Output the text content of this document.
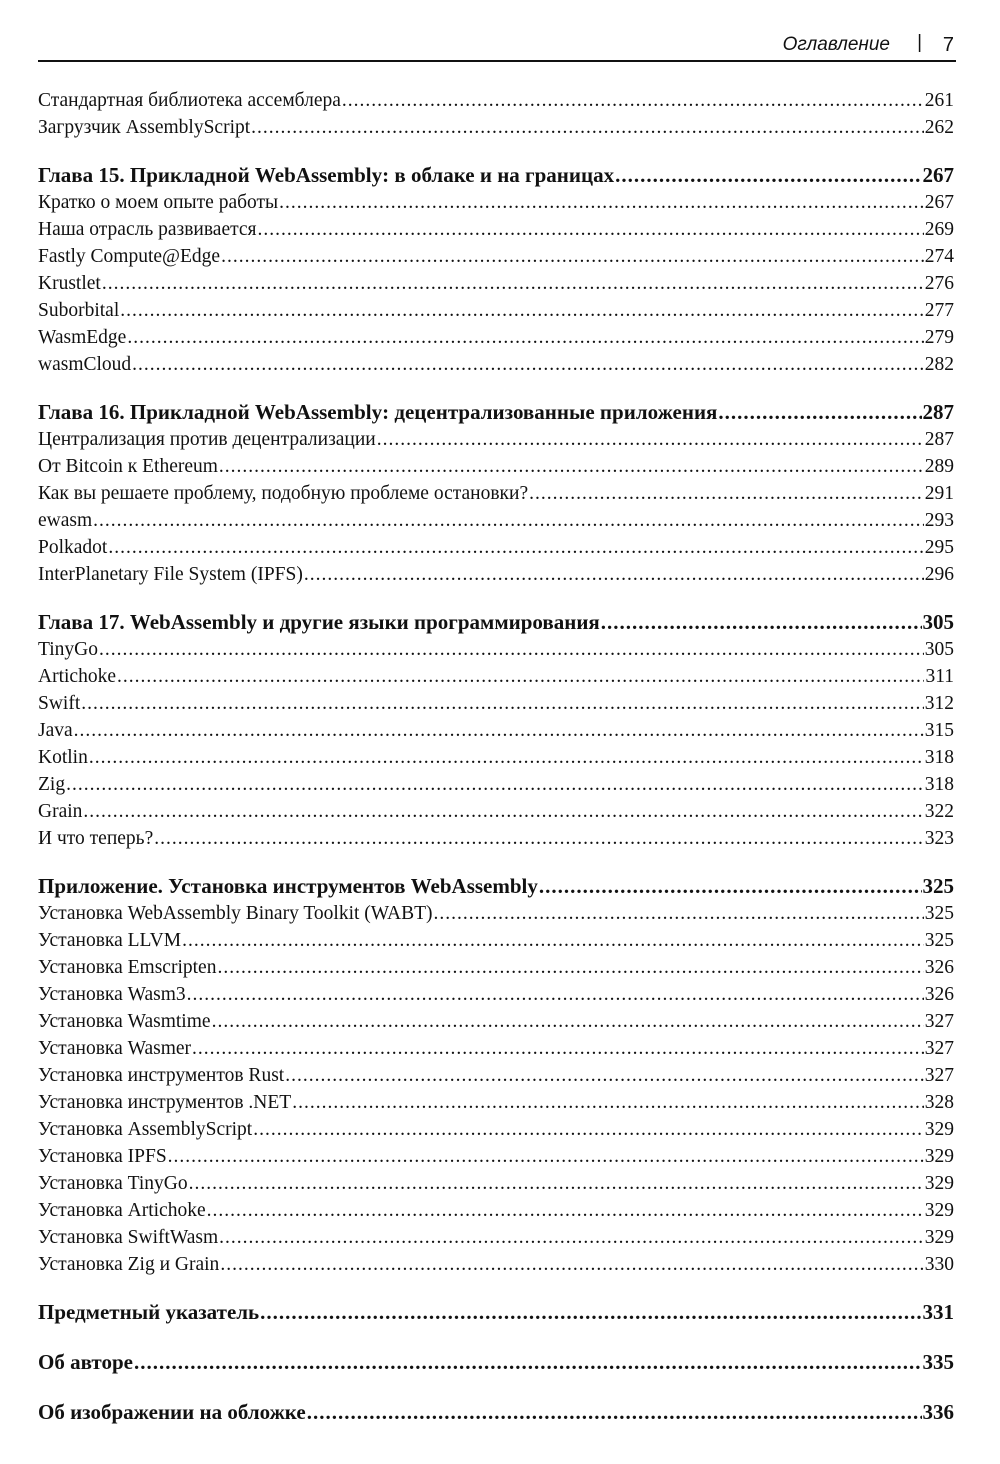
Оглавление | 7
Стандартная библиотека ассемблера .....	261
Загрузчик AssemblyScript .....	262
Глава 15. Прикладной WebAssembly: в облаке и на границах .....	267
Кратко о моем опыте работы .....	267
Наша отрасль развивается .....	269
Fastly Compute@Edge .....	274
Krustlet .....	276
Suborbital .....	277
WasmEdge .....	279
wasmCloud .....	282
Глава 16. Прикладной WebAssembly: децентрализованные приложения .....	287
Централизация против децентрализации .....	287
От Bitcoin к Ethereum .....	289
Как вы решаете проблему, подобную проблеме остановки? .....	291
ewasm .....	293
Polkadot .....	295
InterPlanetary File System (IPFS) .....	296
Глава 17. WebAssembly и другие языки программирования .....	305
TinyGo .....	305
Artichoke .....	311
Swift .....	312
Java .....	315
Kotlin .....	318
Zig .....	318
Grain .....	322
И что теперь? .....	323
Приложение. Установка инструментов WebAssembly .....	325
Установка WebAssembly Binary Toolkit (WABT) .....	325
Установка LLVM .....	325
Установка Emscripten .....	326
Установка Wasm3 .....	326
Установка Wasmtime .....	327
Установка Wasmer .....	327
Установка инструментов Rust .....	327
Установка инструментов .NET .....	328
Установка AssemblyScript .....	329
Установка IPFS .....	329
Установка TinyGo .....	329
Установка Artichoke .....	329
Установка SwiftWasm .....	329
Установка Zig и Grain .....	330
Предметный указатель .....	331
Об авторе .....	335
Об изображении на обложке .....	336
